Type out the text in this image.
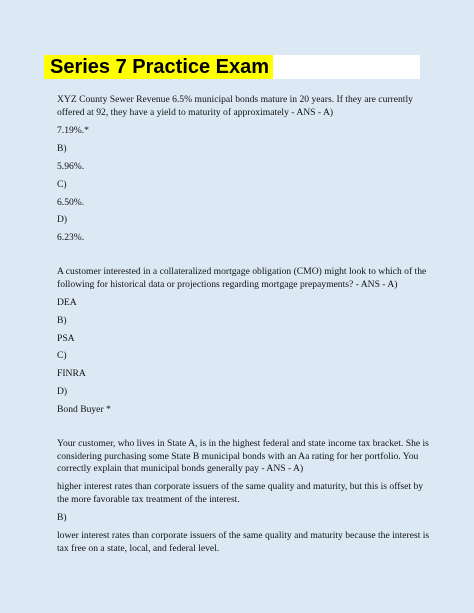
Series 7 Practice Exam
XYZ County Sewer Revenue 6.5% municipal bonds mature in 20 years. If they are currently
offered at 92, they have a yield to maturity of approximately - ANS - A)
7.19%.*
B)
5.96%.
C)
6.50%.
D)
6.23%.
A customer interested in a collateralized mortgage obligation (CMO) might look to which of the
following for historical data or projections regarding mortgage prepayments? - ANS - A)
DEA
B)
PSA
C)
FINRA
D)
Bond Buyer *
Your customer, who lives in State A, is in the highest federal and state income tax bracket. She is
considering purchasing some State B municipal bonds with an Aa rating for her portfolio. You
correctly explain that municipal bonds generally pay - ANS - A)
higher interest rates than corporate issuers of the same quality and maturity, but this is offset by
the more favorable tax treatment of the interest.
B)
lower interest rates than corporate issuers of the same quality and maturity because the interest is
tax free on a state, local, and federal level.
